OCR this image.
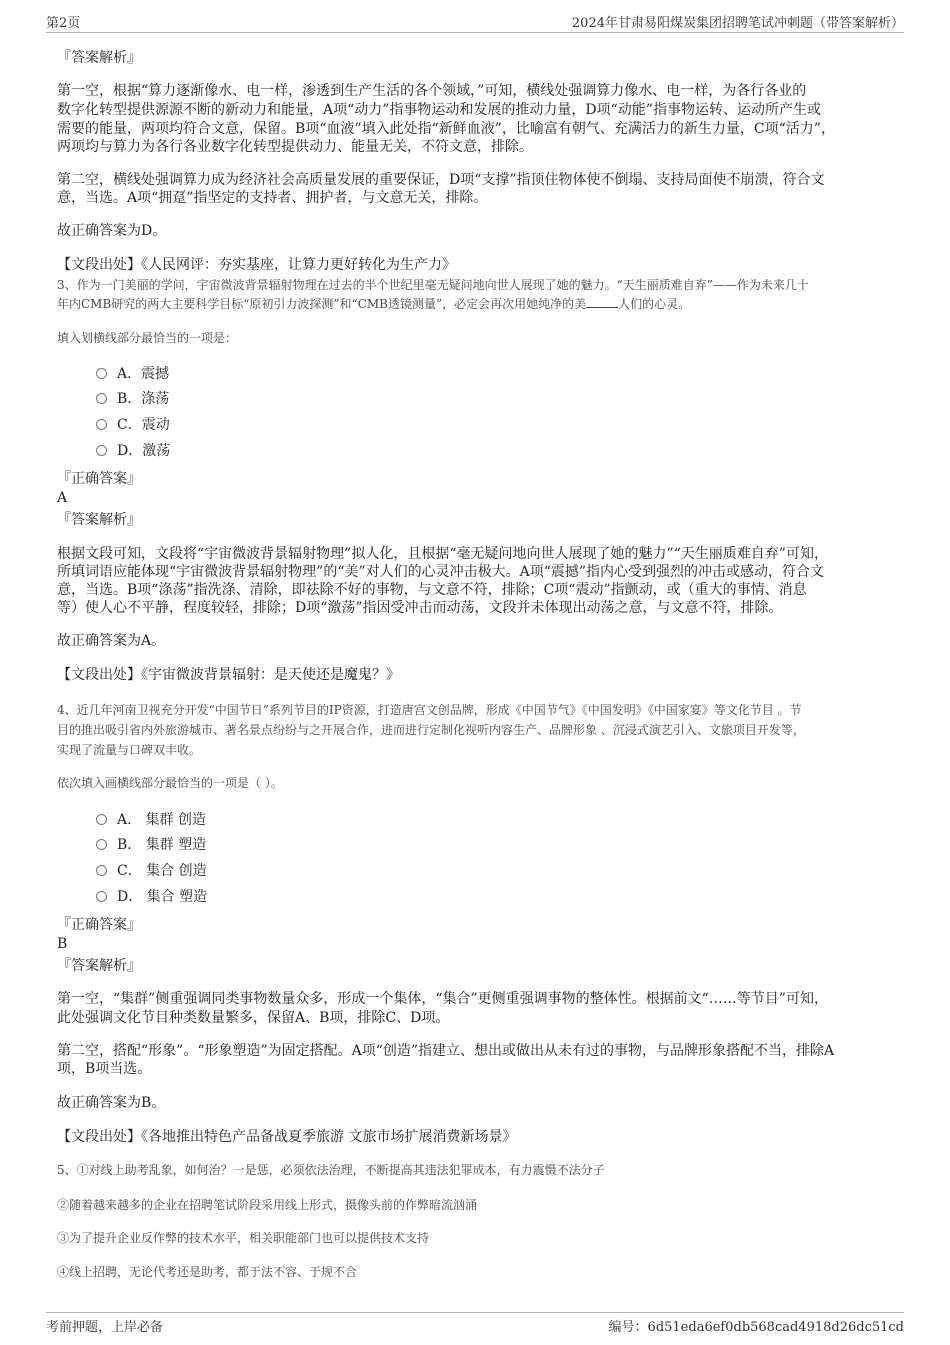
第2页	2024年甘肃易阳煤炭集团招聘笔试冲刺题（带答案解析）

『答案解析』

第一空，根据“算力逐渐像水、电一样，渗透到生产生活的各个领域，”可知，横线处强调算力像水、电一样，为各行各业的

数字化转型提供源源不断的新动力和能量，A项“动力”指事物运动和发展的推动力量，D项“动能”指事物运转、运动所产生或

需要的能量，两项均符合文意，保留。B项“血液”填入此处指“新鲜血液”，比喻富有朝气、充满活力的新生力量，C项“活力”，

两项均与算力为各行各业数字化转型提供动力、能量无关，不符文意，排除。

第二空，横线处强调算力成为经济社会高质量发展的重要保证，D项“支撑”指顶住物体使不倒塌、支持局面使不崩溃，符合文

意，当选。A项“拥趸”指坚定的支持者、拥护者，与文意无关，排除。

故正确答案为D。

【文段出处】《人民网评：夯实基座，让算力更好转化为生产力》

3、作为一门美丽的学问，宇宙微波背景辐射物理在过去的半个世纪里毫无疑问地向世人展现了她的魅力。“天生丽质难自弃”——作为未来几十

年内CMB研究的两大主要科学目标“原初引力波探测”和“CMB透镜测量”，必定会再次用她纯净的美	人们的心灵。

填入划横线部分最恰当的一项是：

A．震撼
B．涤荡
C．震动
D．激荡

『正确答案』

A

『答案解析』

根据文段可知，文段将“宇宙微波背景辐射物理”拟人化，且根据“毫无疑问地向世人展现了她的魅力”“天生丽质难自弃”可知，

所填词语应能体现“宇宙微波背景辐射物理”的“美”对人们的心灵冲击极大。A项“震撼”指内心受到强烈的冲击或感动，符合文

意，当选。B项“涤荡”指洗涤、清除，即祛除不好的事物，与文意不符，排除；C项“震动”指颤动，或（重大的事情、消息

等）使人心不平静，程度较轻，排除；D项“激荡”指因受冲击而动荡，文段并未体现出动荡之意，与文意不符，排除。

故正确答案为A。

【文段出处】《宇宙微波背景辐射：是天使还是魔鬼？》

4、近几年河南卫视充分开发“中国节日”系列节目的IP资源，打造唐宫文创品牌，形成《中国节气》《中国发明》《中国家宴》等文化节目 。节

目的推出吸引省内外旅游城市、著名景点纷纷与之开展合作，进而进行定制化视听内容生产、品牌形象 、沉浸式演艺引入、文旅项目开发等，

实现了流量与口碑双丰收。

依次填入画横线部分最恰当的一项是（ ）。

A． 集群 创造
B． 集群 塑造
C． 集合 创造
D． 集合 塑造

『正确答案』

B

『答案解析』

第一空，“集群”侧重强调同类事物数量众多，形成一个集体，“集合”更侧重强调事物的整体性。根据前文“……等节目”可知，

此处强调文化节目种类数量繁多，保留A、B项，排除C、D项。

第二空，搭配“形象”。“形象塑造”为固定搭配。A项“创造”指建立、想出或做出从未有过的事物，与品牌形象搭配不当，排除A

项，B项当选。

故正确答案为B。

【文段出处】《各地推出特色产品备战夏季旅游 文旅市场扩展消费新场景》

5、①对线上助考乱象，如何治？一是惩，必须依法治理，不断提高其违法犯罪成本，有力震慑不法分子

②随着越来越多的企业在招聘笔试阶段采用线上形式，摄像头前的作弊暗流汹涌

③为了提升企业反作弊的技术水平，相关职能部门也可以提供技术支持

④线上招聘，无论代考还是助考，都于法不容、于规不合

考前押题，上岸必备	编号：6d51eda6ef0db568cad4918d26dc51cd
